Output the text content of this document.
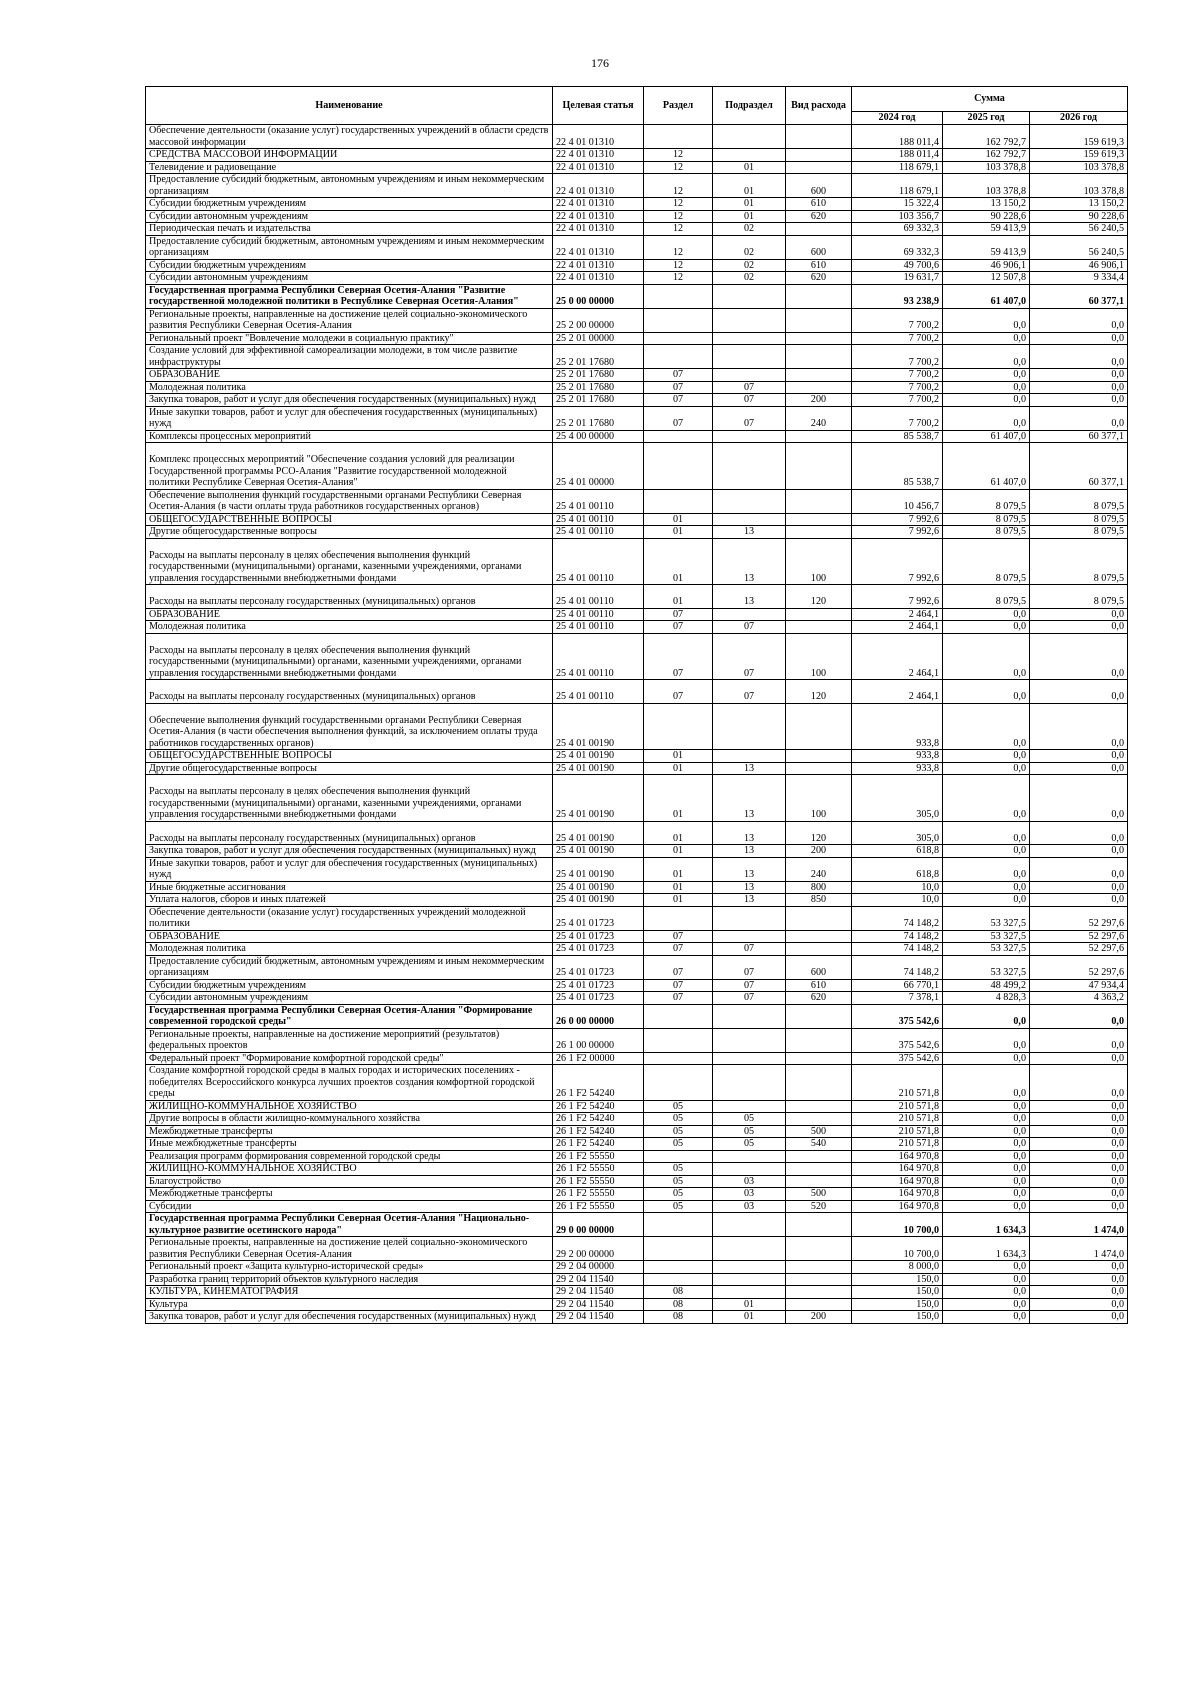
176
Наименование	Целевая статья	Раздел	Подраздел	Вид расхода	Сумма		
					2024 год	2025 год	2026 год
Обеспечение деятельности (оказание услуг) государственных учреждений в области средств массовой информации	22 4 01 01310				188 011,4	162 792,7	159 619,3
СРЕДСТВА МАССОВОЙ ИНФОРМАЦИИ	22 4 01 01310	12			188 011,4	162 792,7	159 619,3
Телевидение и радиовещание	22 4 01 01310	12	01		118 679,1	103 378,8	103 378,8
Предоставление субсидий бюджетным, автономным учреждениям и иным некоммерческим организациям	22 4 01 01310	12	01	600	118 679,1	103 378,8	103 378,8
Субсидии бюджетным учреждениям	22 4 01 01310	12	01	610	15 322,4	13 150,2	13 150,2
Субсидии автономным учреждениям	22 4 01 01310	12	01	620	103 356,7	90 228,6	90 228,6
Периодическая печать и издательства	22 4 01 01310	12	02		69 332,3	59 413,9	56 240,5
Предоставление субсидий бюджетным, автономным учреждениям и иным некоммерческим организациям	22 4 01 01310	12	02	600	69 332,3	59 413,9	56 240,5
Субсидии бюджетным учреждениям	22 4 01 01310	12	02	610	49 700,6	46 906,1	46 906,1
Субсидии автономным учреждениям	22 4 01 01310	12	02	620	19 631,7	12 507,8	9 334,4
Государственная программа Республики Северная Осетия-Алания "Развитие государственной молодежной политики в Республике Северная Осетия-Алания"	25 0 00 00000				93 238,9	61 407,0	60 377,1
Региональные проекты, направленные на достижение целей социально-экономического развития Республики Северная Осетия-Алания	25 2 00 00000				7 700,2	0,0	0,0
Региональный проект "Вовлечение молодежи в социальную практику"	25 2 01 00000				7 700,2	0,0	0,0
Создание условий для эффективной самореализации молодежи, в том числе развитие инфраструктуры	25 2 01 17680				7 700,2	0,0	0,0
ОБРАЗОВАНИЕ	25 2 01 17680	07			7 700,2	0,0	0,0
Молодежная политика	25 2 01 17680	07	07		7 700,2	0,0	0,0
Закупка товаров, работ и услуг для обеспечения государственных (муниципальных) нужд	25 2 01 17680	07	07	200	7 700,2	0,0	0,0
Иные закупки товаров, работ и услуг для обеспечения государственных (муниципальных) нужд	25 2 01 17680	07	07	240	7 700,2	0,0	0,0
Комплексы процессных мероприятий	25 4 00 00000				85 538,7	61 407,0	60 377,1
Комплекс процессных мероприятий "Обеспечение создания условий для реализации Государственной программы РСО-Алания "Развитие государственной молодежной политики Республике Северная Осетия-Алания"	25 4 01 00000				85 538,7	61 407,0	60 377,1
Обеспечение выполнения функций государственными органами Республики Северная Осетия-Алания (в части оплаты труда работников государственных органов)	25 4 01 00110				10 456,7	8 079,5	8 079,5
ОБЩЕГОСУДАРСТВЕННЫЕ ВОПРОСЫ	25 4 01 00110	01			7 992,6	8 079,5	8 079,5
Другие общегосударственные вопросы	25 4 01 00110	01	13		7 992,6	8 079,5	8 079,5
Расходы на выплаты персоналу в целях обеспечения выполнения функций государственными (муниципальными) органами, казенными учреждениями, органами управления государственными внебюджетными фондами	25 4 01 00110	01	13	100	7 992,6	8 079,5	8 079,5
Расходы на выплаты персоналу государственных (муниципальных) органов	25 4 01 00110	01	13	120	7 992,6	8 079,5	8 079,5
ОБРАЗОВАНИЕ	25 4 01 00110	07			2 464,1	0,0	0,0
Молодежная политика	25 4 01 00110	07	07		2 464,1	0,0	0,0
Расходы на выплаты персоналу в целях обеспечения выполнения функций государственными (муниципальными) органами, казенными учреждениями, органами управления государственными внебюджетными фондами	25 4 01 00110	07	07	100	2 464,1	0,0	0,0
Расходы на выплаты персоналу государственных (муниципальных) органов	25 4 01 00110	07	07	120	2 464,1	0,0	0,0
Обеспечение выполнения функций государственными органами Республики Северная Осетия-Алания (в части обеспечения выполнения функций, за исключением оплаты труда работников государственных органов)	25 4 01 00190				933,8	0,0	0,0
ОБЩЕГОСУДАРСТВЕННЫЕ ВОПРОСЫ	25 4 01 00190	01			933,8	0,0	0,0
Другие общегосударственные вопросы	25 4 01 00190	01	13		933,8	0,0	0,0
Расходы на выплаты персоналу в целях обеспечения выполнения функций государственными (муниципальными) органами, казенными учреждениями, органами управления государственными внебюджетными фондами	25 4 01 00190	01	13	100	305,0	0,0	0,0
Расходы на выплаты персоналу государственных (муниципальных) органов	25 4 01 00190	01	13	120	305,0	0,0	0,0
Закупка товаров, работ и услуг для обеспечения государственных (муниципальных) нужд	25 4 01 00190	01	13	200	618,8	0,0	0,0
Иные закупки товаров, работ и услуг для обеспечения государственных (муниципальных) нужд	25 4 01 00190	01	13	240	618,8	0,0	0,0
Иные бюджетные ассигнования	25 4 01 00190	01	13	800	10,0	0,0	0,0
Уплата налогов, сборов и иных платежей	25 4 01 00190	01	13	850	10,0	0,0	0,0
Обеспечение деятельности (оказание услуг) государственных учреждений молодежной политики	25 4 01 01723				74 148,2	53 327,5	52 297,6
ОБРАЗОВАНИЕ	25 4 01 01723	07			74 148,2	53 327,5	52 297,6
Молодежная политика	25 4 01 01723	07	07		74 148,2	53 327,5	52 297,6
Предоставление субсидий бюджетным, автономным учреждениям и иным некоммерческим организациям	25 4 01 01723	07	07	600	74 148,2	53 327,5	52 297,6
Субсидии бюджетным учреждениям	25 4 01 01723	07	07	610	66 770,1	48 499,2	47 934,4
Субсидии автономным учреждениям	25 4 01 01723	07	07	620	7 378,1	4 828,3	4 363,2
Государственная программа Республики Северная Осетия-Алания "Формирование современной городской среды"	26 0 00 00000				375 542,6	0,0	0,0
Региональные проекты, направленные на достижение мероприятий (результатов) федеральных проектов	26 1 00 00000				375 542,6	0,0	0,0
Федеральный проект "Формирование комфортной городской среды"	26 1 F2 00000				375 542,6	0,0	0,0
Создание комфортной городской среды в малых городах и исторических поселениях - победителях Всероссийского конкурса лучших проектов создания комфортной городской среды	26 1 F2 54240				210 571,8	0,0	0,0
ЖИЛИЩНО-КОММУНАЛЬНОЕ ХОЗЯЙСТВО	26 1 F2 54240	05			210 571,8	0,0	0,0
Другие вопросы в области жилищно-коммунального хозяйства	26 1 F2 54240	05	05		210 571,8	0,0	0,0
Межбюджетные трансферты	26 1 F2 54240	05	05	500	210 571,8	0,0	0,0
Иные межбюджетные трансферты	26 1 F2 54240	05	05	540	210 571,8	0,0	0,0
Реализация программ формирования современной городской среды	26 1 F2 55550				164 970,8	0,0	0,0
ЖИЛИЩНО-КОММУНАЛЬНОЕ ХОЗЯЙСТВО	26 1 F2 55550	05			164 970,8	0,0	0,0
Благоустройство	26 1 F2 55550	05	03		164 970,8	0,0	0,0
Межбюджетные трансферты	26 1 F2 55550	05	03	500	164 970,8	0,0	0,0
Субсидии	26 1 F2 55550	05	03	520	164 970,8	0,0	0,0
Государственная программа Республики Северная Осетия-Алания "Национально-культурное развитие осетинского народа"	29 0 00 00000				10 700,0	1 634,3	1 474,0
Региональные проекты, направленные на достижение целей социально-экономического развития Республики Северная Осетия-Алания	29 2 00 00000				10 700,0	1 634,3	1 474,0
Региональный проект «Защита культурно-исторической среды»	29 2 04 00000				8 000,0	0,0	0,0
Разработка границ территорий объектов культурного наследия	29 2 04 11540				150,0	0,0	0,0
КУЛЬТУРА, КИНЕМАТОГРАФИЯ	29 2 04 11540	08			150,0	0,0	0,0
Культура	29 2 04 11540	08	01		150,0	0,0	0,0
Закупка товаров, работ и услуг для обеспечения государственных (муниципальных) нужд	29 2 04 11540	08	01	200	150,0	0,0	0,0
